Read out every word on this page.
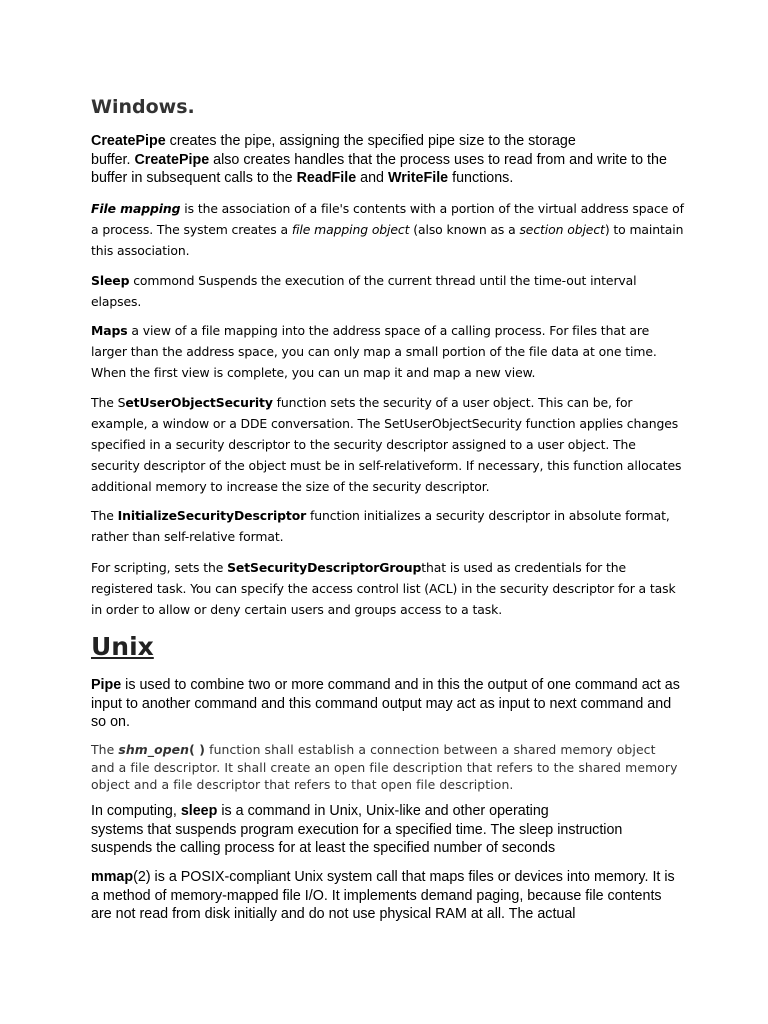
Windows.

CreatePipe creates the pipe, assigning the specified pipe size to the storage
buffer. CreatePipe also creates handles that the process uses to read from and write to the buffer in subsequent calls to the ReadFile and WriteFile functions.

File mapping is the association of a file's contents with a portion of the virtual address space of a process. The system creates a file mapping object (also known as a section object) to maintain this association.

Sleep commond Suspends the execution of the current thread until the time-out interval elapses.

Maps a view of a file mapping into the address space of a calling process. For files that are larger than the address space, you can only map a small portion of the file data at one time. When the first view is complete, you can un map it and map a new view.

The SetUserObjectSecurity function sets the security of a user object. This can be, for example, a window or a DDE conversation. The SetUserObjectSecurity function applies changes specified in a security descriptor to the security descriptor assigned to a user object. The security descriptor of the object must be in self-relativeform. If necessary, this function allocates additional memory to increase the size of the security descriptor.

The InitializeSecurityDescriptor function initializes a security descriptor in absolute format, rather than self-relative format.

For scripting, sets the SetSecurityDescriptorGroupthat is used as credentials for the registered task. You can specify the access control list (ACL) in the security descriptor for a task in order to allow or deny certain users and groups access to a task.

Unix

Pipe is used to combine two or more command and in this the output of one command act as input to another command and this command output may act as input to next command and so on.

The shm_open( ) function shall establish a connection between a shared memory object and a file descriptor. It shall create an open file description that refers to the shared memory object and a file descriptor that refers to that open file description.

In computing, sleep is a command in Unix, Unix-like and other operating
systems that suspends program execution for a specified time. The sleep instruction suspends the calling process for at least the specified number of seconds

mmap(2) is a POSIX-compliant Unix system call that maps files or devices into memory. It is a method of memory-mapped file I/O. It implements demand paging, because file contents are not read from disk initially and do not use physical RAM at all. The actual
